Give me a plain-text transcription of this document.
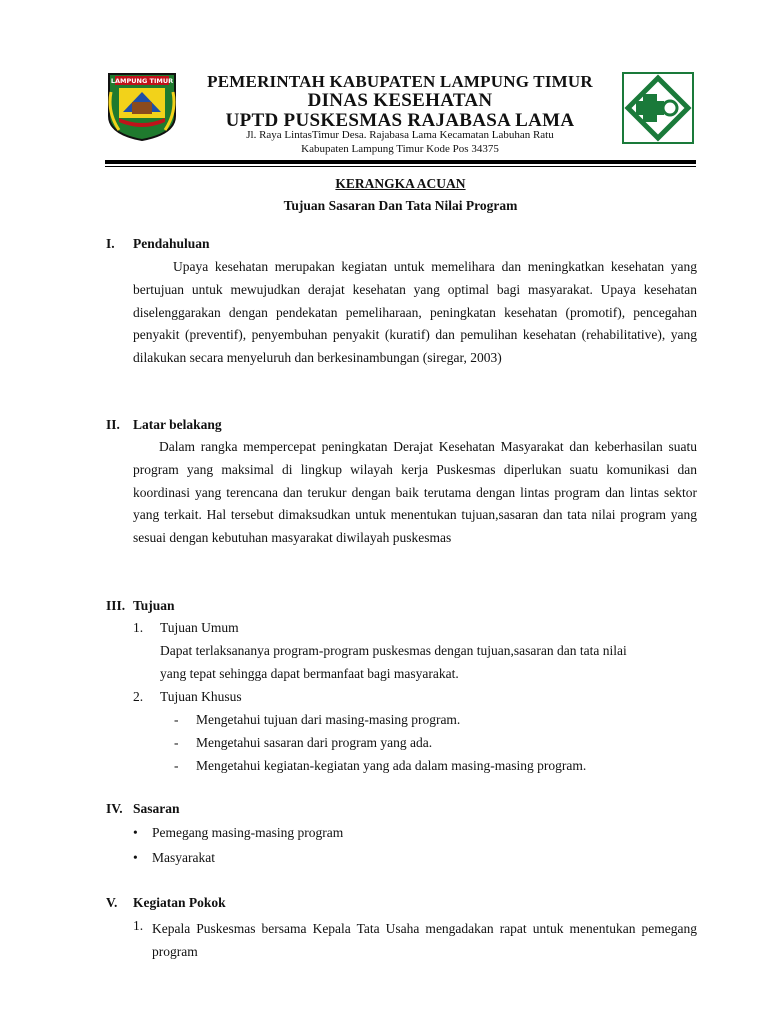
LAMPUNG TIMUR	PEMERINTAH KABUPATEN LAMPUNG TIMUR
DINAS KESEHATAN
UPTD PUSKESMAS RAJABASA LAMA
Jl. Raya LintasTimur Desa. Rajabasa Lama Kecamatan Labuhan Ratu
Kabupaten Lampung Timur Kode Pos 34375
KERANGKA ACUAN
Tujuan Sasaran Dan Tata Nilai Program
I. Pendahuluan

Upaya kesehatan merupakan kegiatan untuk memelihara dan meningkatkan kesehatan yang bertujuan untuk mewujudkan derajat kesehatan yang optimal bagi masyarakat. Upaya kesehatan diselenggarakan dengan pendekatan pemeliharaan, peningkatan kesehatan (promotif), pencegahan penyakit (preventif), penyembuhan penyakit (kuratif) dan pemulihan kesehatan (rehabilitative), yang dilakukan secara menyeluruh dan berkesinambungan (siregar, 2003)

II. Latar belakang

Dalam rangka mempercepat peningkatan Derajat Kesehatan Masyarakat dan keberhasilan suatu program yang maksimal di lingkup wilayah kerja Puskesmas diperlukan suatu komunikasi dan koordinasi yang terencana dan terukur dengan baik terutama dengan lintas program dan lintas sektor yang terkait. Hal tersebut dimaksudkan untuk menentukan tujuan,sasaran dan tata nilai program yang sesuai dengan kebutuhan masyarakat diwilayah puskesmas

III. Tujuan
1. Tujuan Umum
Dapat terlaksananya program-program puskesmas dengan tujuan,sasaran dan tata nilai
yang tepat sehingga dapat bermanfaat bagi masyarakat.
2. Tujuan Khusus
- Mengetahui tujuan dari masing-masing program.
- Mengetahui sasaran dari program yang ada.
- Mengetahui kegiatan-kegiatan yang ada dalam masing-masing program.
IV. Sasaran
• Pemegang masing-masing program
• Masyarakat
V. Kegiatan Pokok
1. Kepala Puskesmas bersama Kepala Tata Usaha mengadakan rapat untuk menentukan pemegang program
